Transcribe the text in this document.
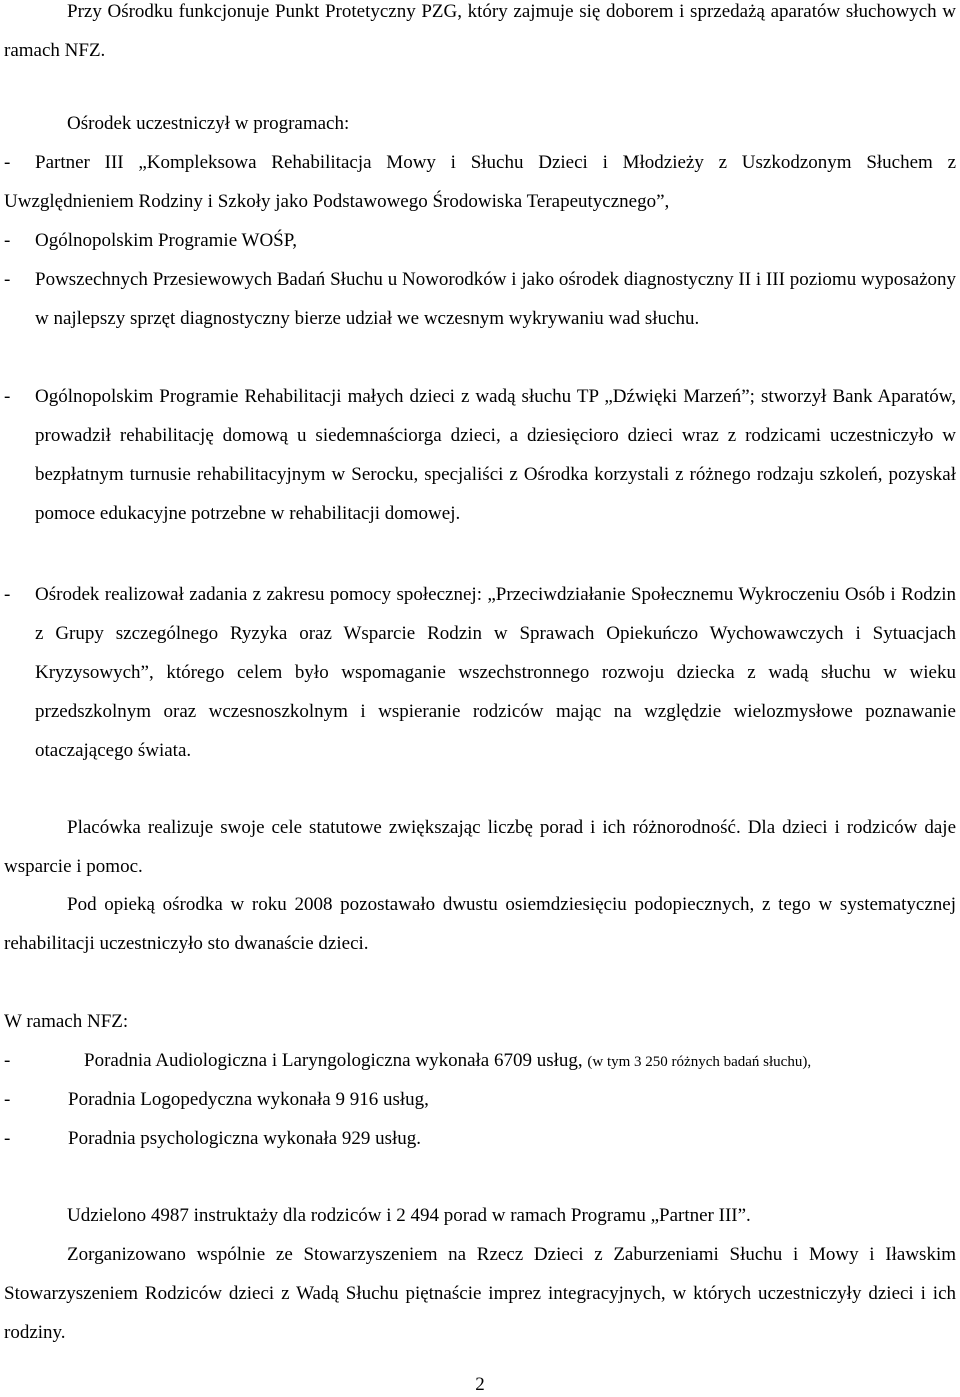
Przy Ośrodku funkcjonuje Punkt Protetyczny PZG, który zajmuje się doborem i sprzedażą aparatów słuchowych w ramach NFZ.

Ośrodek uczestniczył w programach:

-	Partner III „Kompleksowa Rehabilitacja Mowy i Słuchu Dzieci i Młodzieży z Uszkodzonym Słuchem z Uwzględnieniem Rodziny i Szkoły jako Podstawowego Środowiska Terapeutycznego”,
-	Ogólnopolskim Programie WOŚP,
-	Powszechnych Przesiewowych Badań Słuchu u Noworodków i jako ośrodek diagnostyczny II i III poziomu wyposażony w najlepszy sprzęt diagnostyczny bierze udział we wczesnym wykrywaniu wad słuchu.
-	Ogólnopolskim Programie Rehabilitacji małych dzieci z wadą słuchu TP „Dźwięki Marzeń”; stworzył Bank Aparatów, prowadził rehabilitację domową u siedemnaściorga dzieci, a dziesięcioro dzieci wraz z rodzicami uczestniczyło w bezpłatnym turnusie rehabilitacyjnym w Serocku, specjaliści z Ośrodka korzystali z różnego rodzaju szkoleń, pozyskał pomoce edukacyjne potrzebne w rehabilitacji domowej.
-	Ośrodek realizował zadania z zakresu pomocy społecznej: „Przeciwdziałanie Społecznemu Wykroczeniu Osób i Rodzin z Grupy szczególnego Ryzyka oraz Wsparcie Rodzin w Sprawach Opiekuńczo Wychowawczych i Sytuacjach Kryzysowych”, którego celem było wspomaganie wszechstronnego rozwoju dziecka z wadą słuchu w wieku przedszkolnym oraz wczesnoszkolnym i wspieranie rodziców mając na względzie wielozmysłowe poznawanie otaczającego świata.

Placówka realizuje swoje cele statutowe zwiększając liczbę porad i ich różnorodność. Dla dzieci i rodziców daje wsparcie i pomoc.

Pod opieką ośrodka w roku 2008 pozostawało dwustu osiemdziesięciu podopiecznych, z tego w systematycznej rehabilitacji uczestniczyło sto dwanaście dzieci.

W ramach NFZ:

-	Poradnia Audiologiczna i Laryngologiczna wykonała 6709 usług, (w tym 3 250 różnych badań słuchu),
-	Poradnia Logopedyczna wykonała 9 916 usług,
-	Poradnia psychologiczna wykonała 929 usług.

Udzielono 4987 instruktaży dla rodziców i 2 494 porad w ramach Programu „Partner III”.

Zorganizowano wspólnie ze Stowarzyszeniem na Rzecz Dzieci z Zaburzeniami Słuchu i Mowy i Iławskim Stowarzyszeniem Rodziców dzieci z Wadą Słuchu piętnaście imprez integracyjnych, w których uczestniczyły dzieci i ich rodziny.

2
